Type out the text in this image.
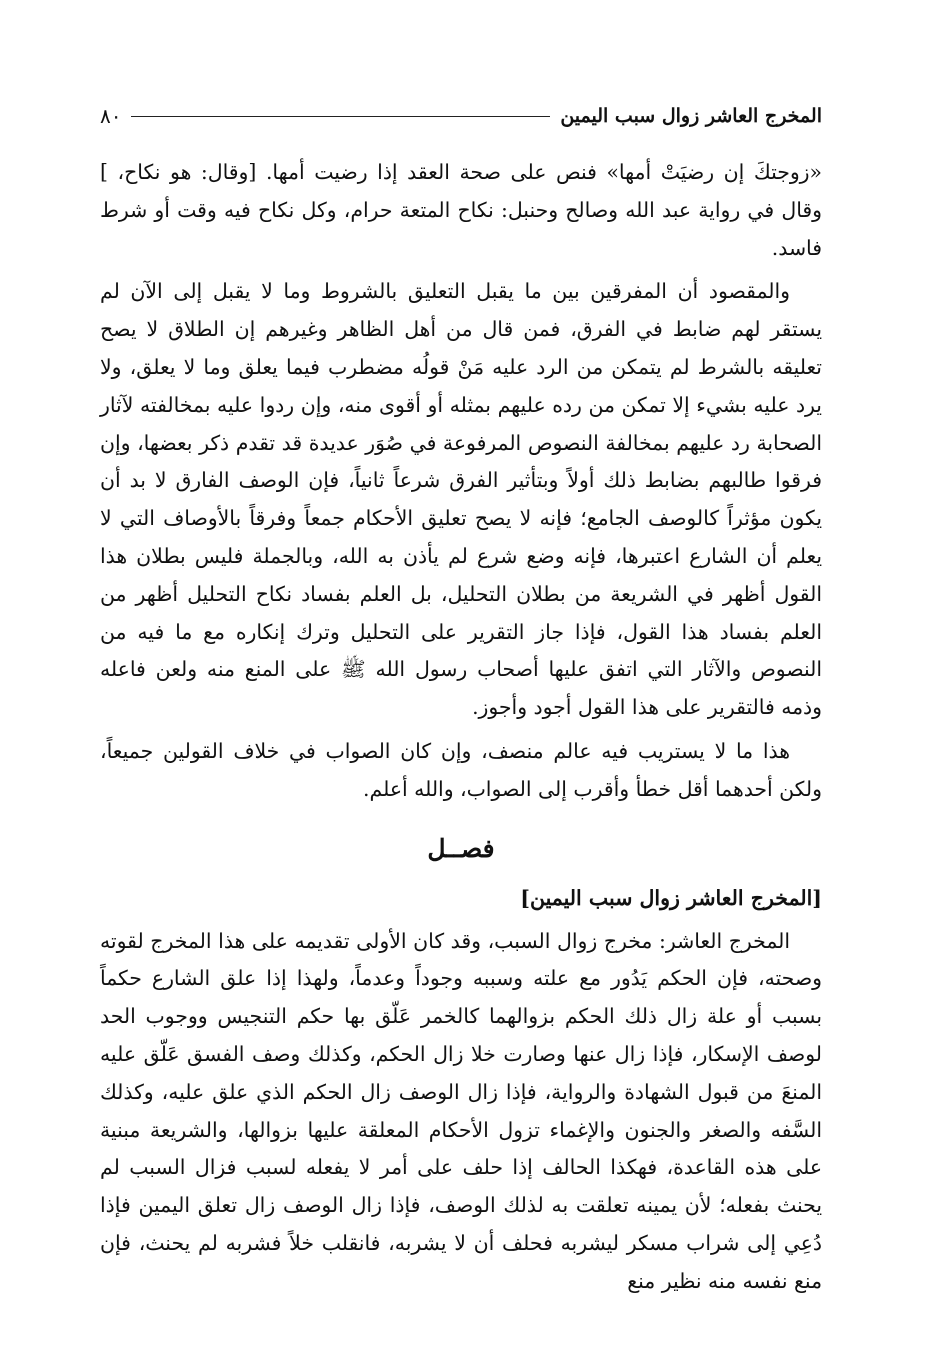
المخرج العاشر زوال سبب اليمين
٨٠

«زوجتكَ إن رضيَتْ أمها» فنص على صحة العقد إذا رضيت أمها. [وقال: هو نكاح، ] وقال في رواية عبد الله وصالح وحنبل: نكاح المتعة حرام، وكل نكاح فيه وقت أو شرط فاسد.

والمقصود أن المفرقين بين ما يقبل التعليق بالشروط وما لا يقبل إلى الآن لم يستقر لهم ضابط في الفرق، فمن قال من أهل الظاهر وغيرهم إن الطلاق لا يصح تعليقه بالشرط لم يتمكن من الرد عليه مَنْ قولُه مضطرب فيما يعلق وما لا يعلق، ولا يرد عليه بشيء إلا تمكن من رده عليهم بمثله أو أقوى منه، وإن ردوا عليه بمخالفته لآثار الصحابة رد عليهم بمخالفة النصوص المرفوعة في صُوَر عديدة قد تقدم ذكر بعضها، وإن فرقوا طالبهم بضابط ذلك أولاً وبتأثير الفرق شرعاً ثانياً، فإن الوصف الفارق لا بد أن يكون مؤثراً كالوصف الجامع؛ فإنه لا يصح تعليق الأحكام جمعاً وفرقاً بالأوصاف التي لا يعلم أن الشارع اعتبرها، فإنه وضع شرع لم يأذن به الله، وبالجملة فليس بطلان هذا القول أظهر في الشريعة من بطلان التحليل، بل العلم بفساد نكاح التحليل أظهر من العلم بفساد هذا القول، فإذا جاز التقرير على التحليل وترك إنكاره مع ما فيه من النصوص والآثار التي اتفق عليها أصحاب رسول الله ﷺ على المنع منه ولعن فاعله وذمه فالتقرير على هذا القول أجود وأجوز.

هذا ما لا يستريب فيه عالم منصف، وإن كان الصواب في خلاف القولين جميعاً، ولكن أحدهما أقل خطأ وأقرب إلى الصواب، والله أعلم.

فصــل
[المخرج العاشر زوال سبب اليمين]

المخرج العاشر: مخرج زوال السبب، وقد كان الأولى تقديمه على هذا المخرج لقوته وصحته، فإن الحكم يَدُور مع علته وسببه وجوداً وعدماً، ولهذا إذا علق الشارع حكماً بسبب أو علة زال ذلك الحكم بزوالهما كالخمر عَلّق بها حكم التنجيس ووجوب الحد لوصف الإسكار، فإذا زال عنها وصارت خلا زال الحكم، وكذلك وصف الفسق عَلّق عليه المنعَ من قبول الشهادة والرواية، فإذا زال الوصف زال الحكم الذي علق عليه، وكذلك السَّفه والصغر والجنون والإغماء تزول الأحكام المعلقة عليها بزوالها، والشريعة مبنية على هذه القاعدة، فهكذا الحالف إذا حلف على أمر لا يفعله لسبب فزال السبب لم يحنث بفعله؛ لأن يمينه تعلقت به لذلك الوصف، فإذا زال الوصف زال تعلق اليمين فإذا دُعِي إلى شراب مسكر ليشربه فحلف أن لا يشربه، فانقلب خلاً فشربه لم يحنث، فإن منع نفسه منه نظير منع
